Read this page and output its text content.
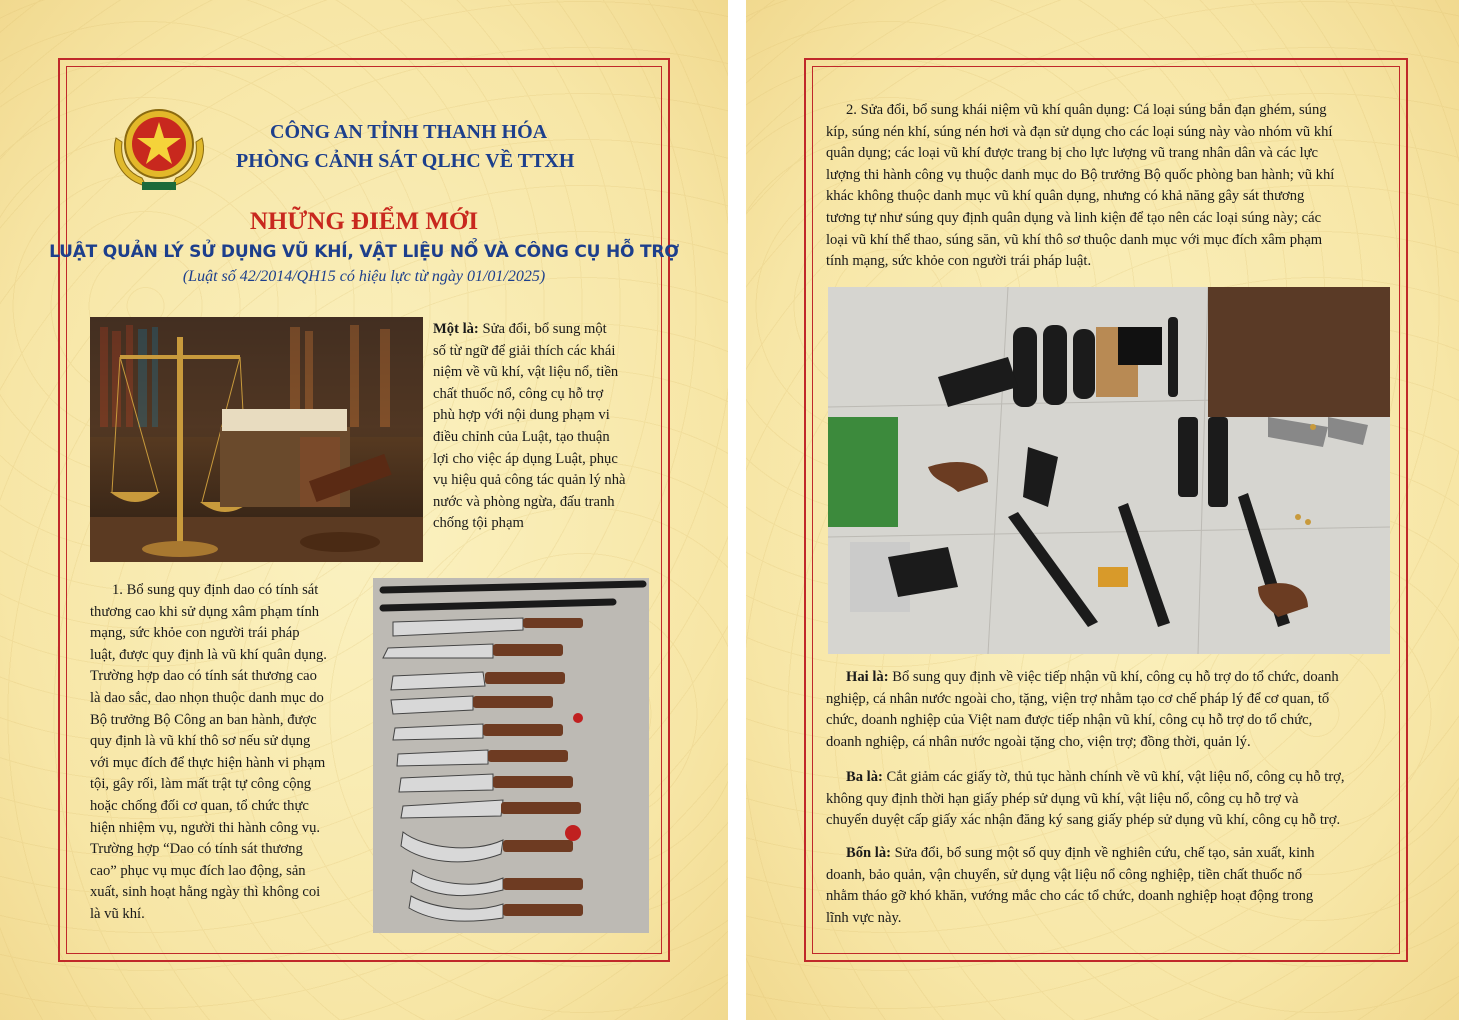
CÔNG AN TỈNH THANH HÓA
PHÒNG CẢNH SÁT QLHC VỀ TTXH
NHỮNG ĐIỂM MỚI
LUẬT QUẢN LÝ SỬ DỤNG VŨ KHÍ, VẬT LIỆU NỔ VÀ CÔNG CỤ HỖ TRỢ
(Luật số 42/2014/QH15 có hiệu lực từ ngày 01/01/2025)
Một là: Sửa đổi, bổ sung một
số từ ngữ để giải thích các khái
niệm về vũ khí, vật liệu nổ, tiền
chất thuốc nổ, công cụ hỗ trợ
phù hợp với nội dung phạm vi
điều chỉnh của Luật, tạo thuận
lợi cho việc áp dụng Luật, phục
vụ hiệu quả công tác quản lý nhà
nước và phòng ngừa, đấu tranh
chống tội phạm
1. Bổ sung quy định dao có tính sát
thương cao khi sử dụng xâm phạm tính
mạng, sức khỏe con người trái pháp
luật, được quy định là vũ khí quân dụng.
Trường hợp dao có tính sát thương cao
là dao sắc, dao nhọn thuộc danh mục do
Bộ trưởng Bộ Công an ban hành, được
quy định là vũ khí thô sơ nếu sử dụng
với mục đích để thực hiện hành vi phạm
tội, gây rối, làm mất trật tự công cộng
hoặc chống đối cơ quan, tổ chức thực
hiện nhiệm vụ, người thi hành công vụ.
Trường hợp “Dao có tính sát thương
cao” phục vụ mục đích lao động, sản
xuất, sinh hoạt hằng ngày thì không coi
là vũ khí.
2. Sửa đổi, bổ sung khái niệm vũ khí quân dụng: Cá loại súng bắn đạn ghém, súng
kíp, súng nén khí, súng nén hơi và đạn sử dụng cho các loại súng này vào nhóm vũ khí
quân dụng; các loại vũ khí được trang bị cho lực lượng vũ trang nhân dân và các lực
lượng thi hành công vụ thuộc danh mục do Bộ trưởng Bộ quốc phòng ban hành; vũ khí
khác không thuộc danh mục vũ khí quân dụng, nhưng có khả năng gây sát thương
tương tự như súng quy định quân dụng và linh kiện để tạo nên các loại súng này; các
loại vũ khí thể thao, súng săn, vũ khí thô sơ thuộc danh mục với mục đích xâm phạm
tính mạng, sức khỏe con người trái pháp luật.
Hai là: Bổ sung quy định về việc tiếp nhận vũ khí, công cụ hỗ trợ do tổ chức, doanh
nghiệp, cá nhân nước ngoài cho, tặng, viện trợ nhằm tạo cơ chế pháp lý để cơ quan, tổ
chức, doanh nghiệp của Việt nam được tiếp nhận vũ khí, công cụ hỗ trợ do tổ chức,
doanh nghiệp, cá nhân nước ngoài tặng cho, viện trợ; đồng thời, quản lý.
Ba là: Cắt giảm các giấy tờ, thủ tục hành chính về vũ khí, vật liệu nổ, công cụ hỗ trợ,
không quy định thời hạn giấy phép sử dụng vũ khí, vật liệu nổ, công cụ hỗ trợ và
chuyển duyệt cấp giấy xác nhận đăng ký sang giấy phép sử dụng vũ khí, công cụ hỗ trợ.
Bốn là: Sửa đổi, bổ sung một số quy định về nghiên cứu, chế tạo, sản xuất, kinh
doanh, bảo quản, vận chuyển, sử dụng vật liệu nổ công nghiệp, tiền chất thuốc nổ
nhằm tháo gỡ khó khăn, vướng mắc cho các tổ chức, doanh nghiệp hoạt động trong
lĩnh vực này.
